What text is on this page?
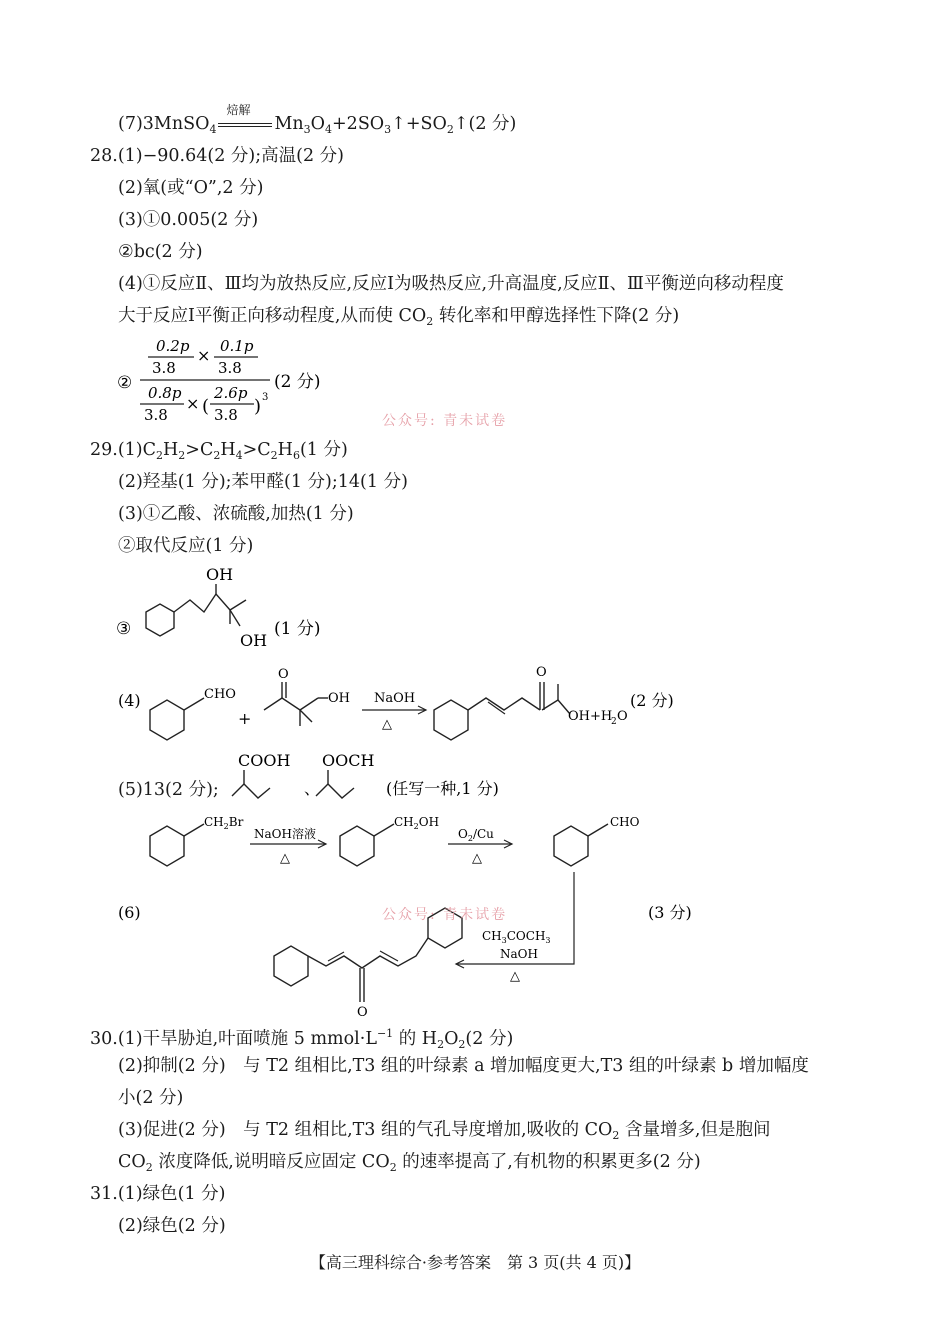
(7)3MnSO$_4$
焙解
$Mn_3O_4+2SO_3↑+SO_2↑(2$ 分)
28.(1)−90.64(2 分);高温(2 分)
(2)氧(或“O”,2 分)
(3)①0.005(2 分)
②bc(2 分)
(4)①反应Ⅱ、Ⅲ均为放热反应,反应Ⅰ为吸热反应,升高温度,反应Ⅱ、Ⅲ平衡逆向移动程度
大于反应Ⅰ平衡正向移动程度,从而使 $CO_2$ 转化率和甲醇选择性下降(2 分)
②
0.2p
3.8
× 0.1p
3.8
0.8p
3.8
× (
2.6p
3.8 ) 3
(2 分)
公众号: 青未试卷
$29.(1)C_2H_2>C_2H_4>C_2H_6(1$ 分)
(2)羟基(1 分);苯甲醛(1 分);14(1 分)
(3)①乙酸、浓硫酸,加热(1 分)
②取代反应(1 分)
③
OH
OH
(1 分)
(4)	CHO
+
O
OH NaOH
△
O
OH+H
2 O
(2 分)
(5)13(2 分);
COOH
、
OOCH
(任写一种,1 分)
(6)
$CH_2Br$
NaOH溶液
△
$CH_2OH$
$O_2/Cu$
△
CHO
(3 分)
$CH_3COCH_3$
NaOH
△
O
公众号: 青未试卷
30.(1)干旱胁迫,叶面喷施 5 $mmol\cdot L^{-1}$ 的 $H_2O_2(2$ 分)
(2)抑制(2 分)　与 T2 组相比,T3 组的叶绿素 a 增加幅度更大,T3 组的叶绿素 b 增加幅度
小(2 分)
(3)促进(2 分)　与 T2 组相比,T3 组的气孔导度增加,吸收的 $CO_2$ 含量增多,但是胞间
$CO_2$ 浓度降低,说明暗反应固定 $CO_2$ 的速率提高了,有机物的积累更多(2 分)
31.(1)绿色(1 分)
(2)绿色(2 分)
【高三理科综合·参考答案　第 3 页(共 4 页)】
